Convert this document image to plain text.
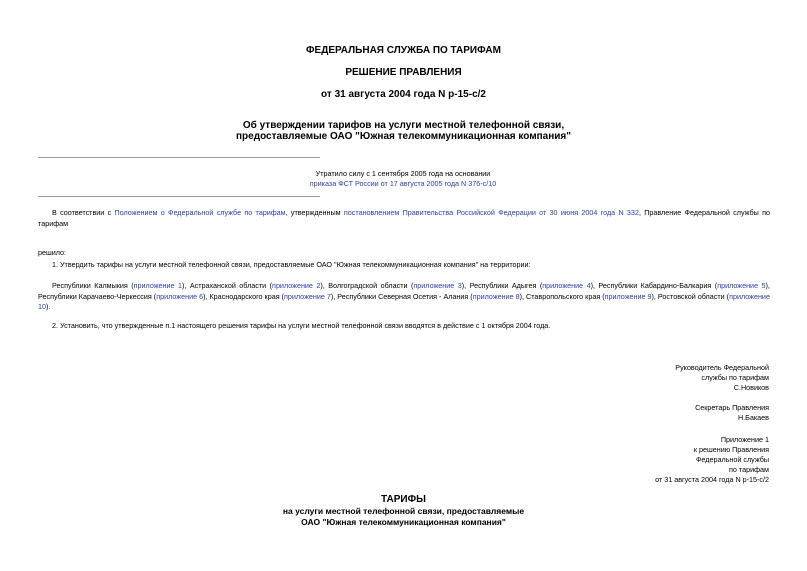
ФЕДЕРАЛЬНАЯ СЛУЖБА ПО ТАРИФАМ
РЕШЕНИЕ ПРАВЛЕНИЯ
от 31 августа 2004 года N р-15-с/2
Об утверждении тарифов на услуги местной телефонной связи,
предоставляемые ОАО "Южная телекоммуникационная компания"
Утратило силу с 1 сентября 2005 года на основании
приказа ФСТ России от 17 августа 2005 года N 376-с/10
В соответствии с Положением о Федеральной службе по тарифам, утвержденным постановлением Правительства Российской Федерации от 30 июня 2004 года N 332, Правление Федеральной службы по тарифам
решило:
1. Утвердить тарифы на услуги местной телефонной связи, предоставляемые ОАО "Южная телекоммуникационная компания" на территории:
Республики Калмыкия (приложение 1), Астраханской области (приложение 2), Волгоградской области (приложение 3), Республики Адыгея (приложение 4), Республики Кабардино-Балкария (приложение 5), Республики Карачаево-Черкессия (приложение 6), Краснодарского края (приложение 7), Республики Северная Осетия - Алания (приложение 8), Ставропольского края (приложение 9), Ростовской области (приложение 10).
2. Установить, что утвержденные п.1 настоящего решения тарифы на услуги местной телефонной связи вводятся в действие с 1 октября 2004 года.
Руководитель Федеральной
службы по тарифам
С.Новиков
Секретарь Правления
Н.Бакаев
Приложение 1
к решению Правления
Федеральной службы
по тарифам
от 31 августа 2004 года N р-15-с/2
ТАРИФЫ
на услуги местной телефонной связи, предоставляемые
ОАО "Южная телекоммуникационная компания"
